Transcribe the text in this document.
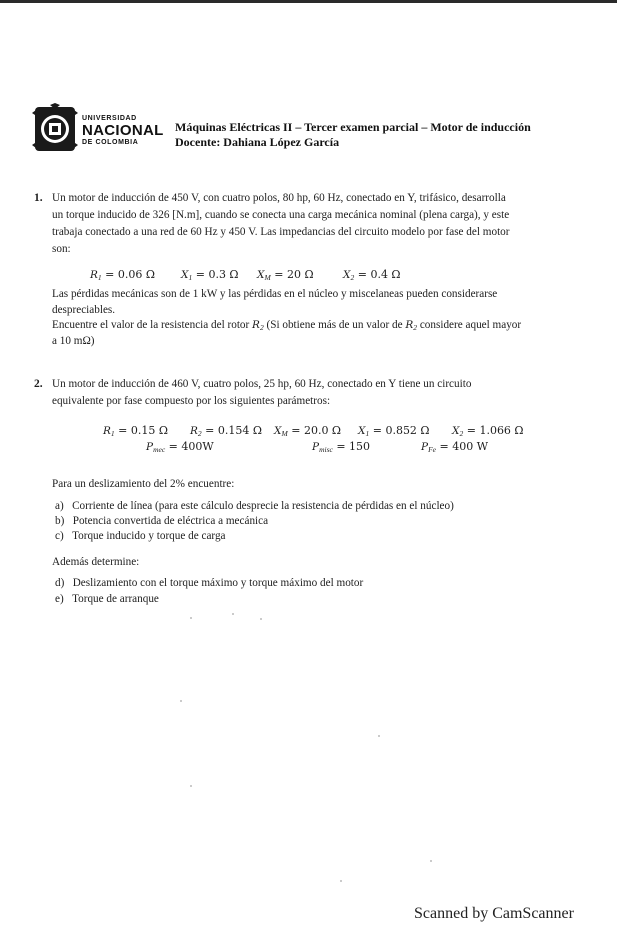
UNIVERSIDAD
NACIONAL
DE COLOMBIA
Máquinas Eléctricas II – Tercer examen parcial – Motor de inducción
Docente: Dahiana López García
1. Un motor de inducción de 450 V, con cuatro polos, 80 hp, 60 Hz, conectado en Y, trifásico, desarrolla
un torque inducido de 326 [N.m], cuando se conecta una carga mecánica nominal (plena carga), y este
trabaja conectado a una red de 60 Hz y 450 V. Las impedancias del circuito modelo por fase del motor
son:
$R_1 = 0.06$ Ω $X_1 = 0.3$ Ω $X_M = 20$ Ω	$X_2 = 0.4$ Ω
Las pérdidas mecánicas son de 1 kW y las pérdidas en el núcleo y miscelaneas pueden considerarse
despreciables.
Encuentre el valor de la resistencia del rotor $R_2$ (Si obtiene más de un valor de $R_2$ considere aquel mayor
a 10 mΩ)
2. Un motor de inducción de 460 V, cuatro polos, 25 hp, 60 Hz, conectado en Y tiene un circuito
equivalente por fase compuesto por los siguientes parámetros:
$R_1 = 0.15$ Ω $R_2 = 0.154$ Ω $X_M = 20.0$ Ω $X_1 = 0.852$ Ω $X_2 = 1.066$ Ω
$P_{mec} = 400W$	$P_{misc} = 150$	$P_{Fe} = 400$ W
Para un deslizamiento del 2% encuentre:
a) Corriente de línea (para este cálculo desprecie la resistencia de pérdidas en el núcleo)
b) Potencia convertida de eléctrica a mecánica
c) Torque inducido y torque de carga
Además determine:
d) Deslizamiento con el torque máximo y torque máximo del motor
e) Torque de arranque
Scanned by CamScanner
